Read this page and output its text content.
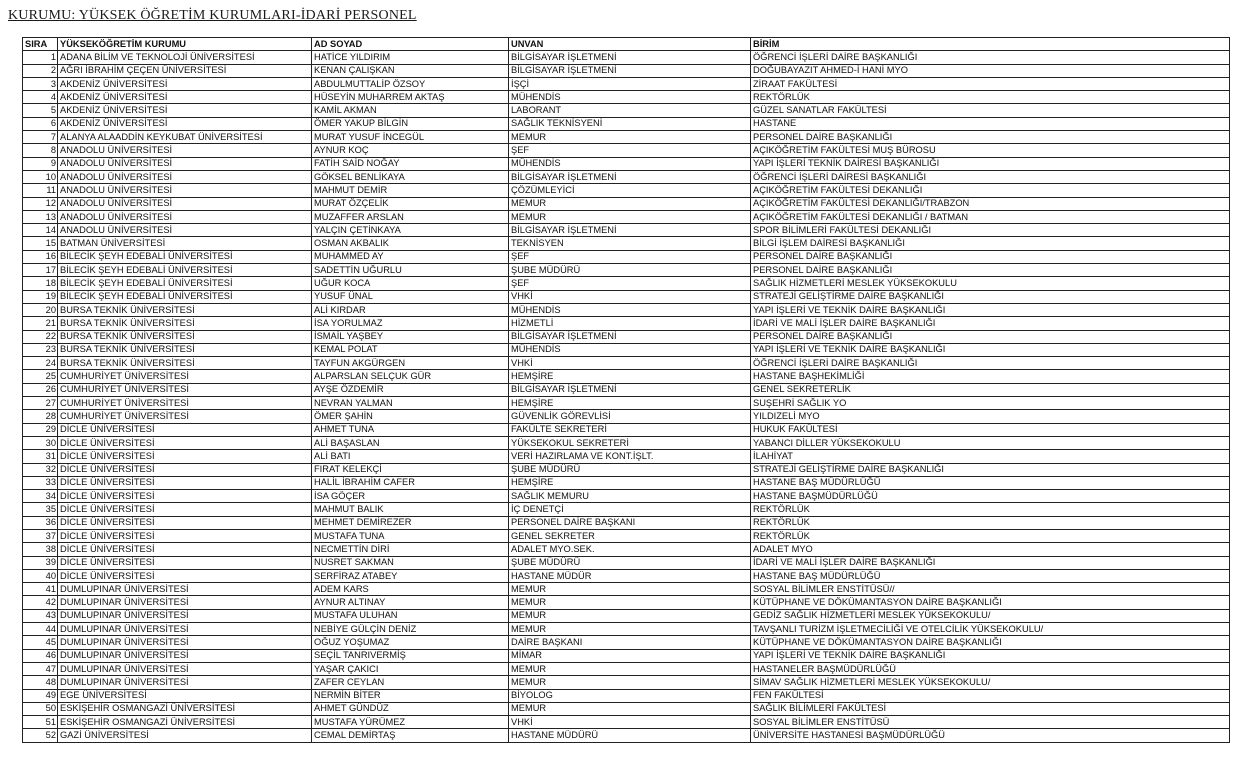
KURUMU: YÜKSEK ÖĞRETİM KURUMLARI-İDARİ PERSONEL
SIRA	YÜKSEKÖĞRETİM KURUMU	AD SOYAD	UNVAN	BİRİM
1	ADANA BİLİM VE TEKNOLOJİ ÜNİVERSİTESİ	HATİCE YILDIRIM	BİLGİSAYAR İŞLETMENİ	ÖĞRENCİ İŞLERİ DAİRE BAŞKANLIĞI
2	AĞRI İBRAHİM ÇEÇEN ÜNİVERSİTESİ	KENAN ÇALIŞKAN	BİLGİSAYAR İŞLETMENİ	DOĞUBAYAZIT AHMED-İ HANİ MYO
3	AKDENİZ ÜNİVERSİTESİ	ABDULMUTTALİP ÖZSOY	İŞÇİ	ZİRAAT FAKÜLTESİ
4	AKDENİZ ÜNİVERSİTESİ	HÜSEYİN MUHARREM AKTAŞ	MÜHENDİS	REKTÖRLÜK
5	AKDENİZ ÜNİVERSİTESİ	KAMİL AKMAN	LABORANT	GÜZEL SANATLAR FAKÜLTESİ
6	AKDENİZ ÜNİVERSİTESİ	ÖMER YAKUP BİLGİN	SAĞLIK TEKNİSYENİ	HASTANE
7	ALANYA ALAADDİN KEYKUBAT ÜNİVERSİTESİ	MURAT YUSUF İNCEGÜL	MEMUR	PERSONEL DAİRE BAŞKANLIĞI
8	ANADOLU ÜNİVERSİTESİ	AYNUR KOÇ	ŞEF	AÇIKÖĞRETİM FAKÜLTESİ MUŞ BÜROSU
9	ANADOLU ÜNİVERSİTESİ	FATİH SAİD NOĞAY	MÜHENDİS	YAPI İŞLERİ TEKNİK DAİRESİ BAŞKANLIĞI
10	ANADOLU ÜNİVERSİTESİ	GÖKSEL BENLİKAYA	BİLGİSAYAR İŞLETMENİ	ÖĞRENCİ İŞLERİ DAİRESİ BAŞKANLIĞI
11	ANADOLU ÜNİVERSİTESİ	MAHMUT DEMİR	ÇÖZÜMLEYİCİ	AÇIKÖĞRETİM FAKÜLTESİ DEKANLIĞI
12	ANADOLU ÜNİVERSİTESİ	MURAT ÖZÇELİK	MEMUR	AÇIKÖĞRETİM FAKÜLTESİ DEKANLIĞI/TRABZON
13	ANADOLU ÜNİVERSİTESİ	MUZAFFER ARSLAN	MEMUR	AÇIKÖĞRETİM FAKÜLTESİ DEKANLIĞI / BATMAN
14	ANADOLU ÜNİVERSİTESİ	YALÇIN ÇETİNKAYA	BİLGİSAYAR İŞLETMENİ	SPOR BİLİMLERİ FAKÜLTESİ DEKANLIĞI
15	BATMAN ÜNİVERSİTESİ	OSMAN AKBALIK	TEKNİSYEN	BİLGİ İŞLEM DAİRESİ BAŞKANLIĞI
16	BİLECİK ŞEYH EDEBALİ ÜNİVERSİTESİ	MUHAMMED AY	ŞEF	PERSONEL DAİRE BAŞKANLIĞI
17	BİLECİK ŞEYH EDEBALİ ÜNİVERSİTESİ	SADETTİN UĞURLU	ŞUBE MÜDÜRÜ	PERSONEL DAİRE BAŞKANLIĞI
18	BİLECİK ŞEYH EDEBALİ ÜNİVERSİTESİ	UĞUR KOCA	ŞEF	SAĞLIK HİZMETLERİ MESLEK YÜKSEKOKULU
19	BİLECİK ŞEYH EDEBALİ ÜNİVERSİTESİ	YUSUF ÜNAL	VHKİ	STRATEJİ GELİŞTİRME DAİRE BAŞKANLIĞI
20	BURSA TEKNİK ÜNİVERSİTESİ	ALİ KIRDAR	MÜHENDİS	YAPI İŞLERİ VE TEKNİK DAİRE BAŞKANLIĞI
21	BURSA TEKNİK ÜNİVERSİTESİ	İSA YORULMAZ	HİZMETLİ	İDARİ VE MALİ İŞLER DAİRE BAŞKANLIĞI
22	BURSA TEKNİK ÜNİVERSİTESİ	İSMAİL YAŞBEY	BİLGİSAYAR İŞLETMENİ	PERSONEL DAİRE BAŞKANLIĞI
23	BURSA TEKNİK ÜNİVERSİTESİ	KEMAL POLAT	MÜHENDİS	YAPI İŞLERİ VE TEKNİK DAİRE BAŞKANLIĞI
24	BURSA TEKNİK ÜNİVERSİTESİ	TAYFUN AKGÜRGEN	VHKİ	ÖĞRENCİ İŞLERİ DAİRE BAŞKANLIĞI
25	CUMHURİYET ÜNİVERSİTESİ	ALPARSLAN SELÇUK GÜR	HEMŞİRE	HASTANE BAŞHEKİMLİĞİ
26	CUMHURİYET ÜNİVERSİTESİ	AYŞE ÖZDEMİR	BİLGİSAYAR İŞLETMENİ	GENEL SEKRETERLİK
27	CUMHURİYET ÜNİVERSİTESİ	NEVRAN YALMAN	HEMŞİRE	SUŞEHRİ SAĞLIK YO
28	CUMHURİYET ÜNİVERSİTESİ	ÖMER ŞAHİN	GÜVENLİK GÖREVLİSİ	YILDIZELİ MYO
29	DİCLE ÜNİVERSİTESİ	AHMET TUNA	FAKÜLTE SEKRETERİ	HUKUK FAKÜLTESİ
30	DİCLE ÜNİVERSİTESİ	ALİ BAŞASLAN	YÜKSEKOKUL SEKRETERİ	YABANCI DİLLER YÜKSEKOKULU
31	DİCLE ÜNİVERSİTESİ	ALİ BATI	VERİ HAZIRLAMA VE KONT.İŞLT.	İLAHİYAT
32	DİCLE ÜNİVERSİTESİ	FIRAT KELEKÇİ	ŞUBE MÜDÜRÜ	STRATEJİ GELİŞTİRME DAİRE BAŞKANLIĞI
33	DİCLE ÜNİVERSİTESİ	HALİL İBRAHİM CAFER	HEMŞİRE	HASTANE BAŞ MÜDÜRLÜĞÜ
34	DİCLE ÜNİVERSİTESİ	İSA GÖÇER	SAĞLIK MEMURU	HASTANE BAŞMÜDÜRLÜĞÜ
35	DİCLE ÜNİVERSİTESİ	MAHMUT BALIK	İÇ DENETÇİ	REKTÖRLÜK
36	DİCLE ÜNİVERSİTESİ	MEHMET DEMİREZER	PERSONEL DAİRE BAŞKANI	REKTÖRLÜK
37	DİCLE ÜNİVERSİTESİ	MUSTAFA TUNA	GENEL SEKRETER	REKTÖRLÜK
38	DİCLE ÜNİVERSİTESİ	NECMETTİN DİRİ	ADALET MYO.SEK.	ADALET MYO
39	DİCLE ÜNİVERSİTESİ	NUSRET SAKMAN	ŞUBE MÜDÜRÜ	İDARİ VE MALİ İŞLER DAİRE BAŞKANLIĞI
40	DİCLE ÜNİVERSİTESİ	SERFİRAZ ATABEY	HASTANE MÜDÜR	HASTANE BAŞ MÜDÜRLÜĞÜ
41	DUMLUPINAR ÜNİVERSİTESİ	ADEM KARS	MEMUR	SOSYAL BİLİMLER ENSTİTÜSÜ//
42	DUMLUPINAR ÜNİVERSİTESİ	AYNUR ALTINAY	MEMUR	KÜTÜPHANE VE DÖKÜMANTASYON DAİRE BAŞKANLIĞI
43	DUMLUPINAR ÜNİVERSİTESİ	MUSTAFA ULUHAN	MEMUR	GEDİZ SAĞLIK HİZMETLERİ MESLEK YÜKSEKOKULU/
44	DUMLUPINAR ÜNİVERSİTESİ	NEBİYE GÜLÇİN DENİZ	MEMUR	TAVŞANLI TURİZM İŞLETMECİLİĞİ VE OTELCİLİK YÜKSEKOKULU/
45	DUMLUPINAR ÜNİVERSİTESİ	OĞUZ YOŞUMAZ	DAİRE BAŞKANI	KÜTÜPHANE VE DÖKÜMANTASYON DAİRE BAŞKANLIĞI
46	DUMLUPINAR ÜNİVERSİTESİ	SEÇİL TANRIVERMİŞ	MİMAR	YAPI İŞLERİ VE TEKNİK DAİRE BAŞKANLIĞI
47	DUMLUPINAR ÜNİVERSİTESİ	YAŞAR ÇAKICI	MEMUR	HASTANELER BAŞMÜDÜRLÜĞÜ
48	DUMLUPINAR ÜNİVERSİTESİ	ZAFER CEYLAN	MEMUR	SİMAV SAĞLIK HİZMETLERİ MESLEK YÜKSEKOKULU/
49	EGE ÜNİVERSİTESİ	NERMİN BİTER	BİYOLOG	FEN FAKÜLTESİ
50	ESKİŞEHİR OSMANGAZİ ÜNİVERSİTESİ	AHMET GÜNDÜZ	MEMUR	SAĞLIK BİLİMLERİ FAKÜLTESİ
51	ESKİŞEHİR OSMANGAZİ ÜNİVERSİTESİ	MUSTAFA YÜRÜMEZ	VHKİ	SOSYAL BİLİMLER ENSTİTÜSÜ
52	GAZİ ÜNİVERSİTESİ	CEMAL DEMİRTAŞ	HASTANE MÜDÜRÜ	ÜNİVERSİTE HASTANESİ BAŞMÜDÜRLÜĞÜ
